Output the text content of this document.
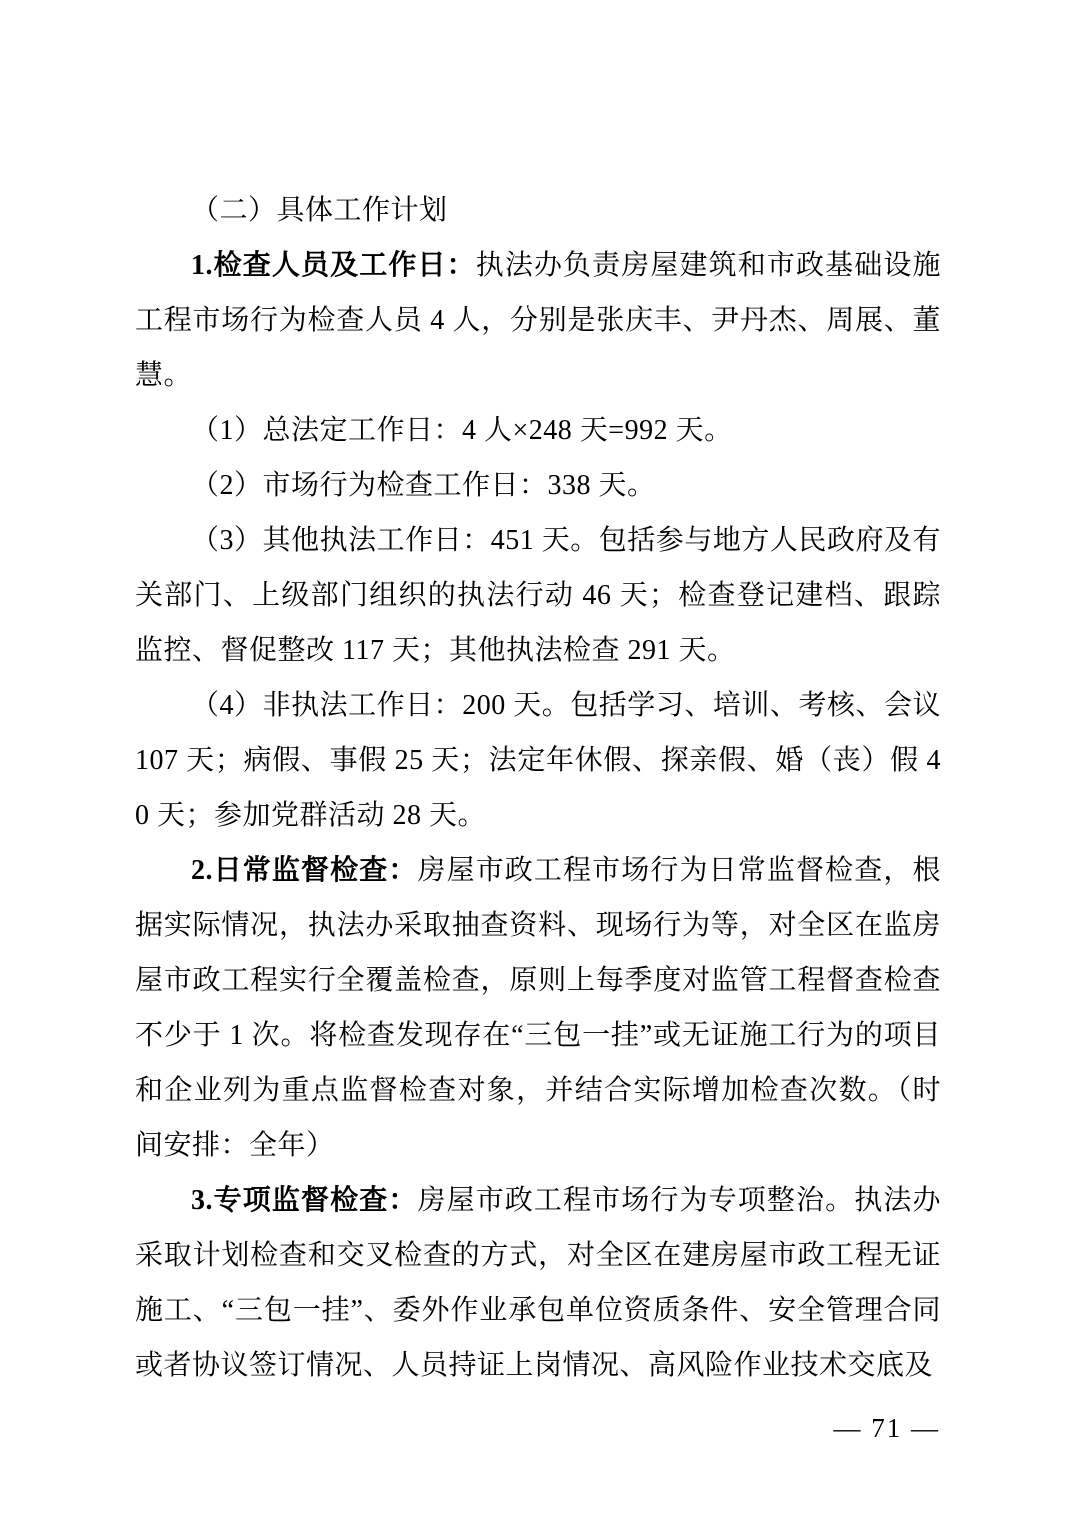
（二）具体工作计划

1.检查人员及工作日：执法办负责房屋建筑和市政基础设施工程市场行为检查人员 4 人，分别是张庆丰、尹丹杰、周展、董慧。

（1）总法定工作日：4 人×248 天=992 天。

（2）市场行为检查工作日：338 天。

（3）其他执法工作日：451 天。包括参与地方人民政府及有关部门、上级部门组织的执法行动 46 天；检查登记建档、跟踪监控、督促整改 117 天；其他执法检查 291 天。

（4）非执法工作日：200 天。包括学习、培训、考核、会议 107 天；病假、事假 25 天；法定年休假、探亲假、婚（丧）假 40 天；参加党群活动 28 天。

2.日常监督检查：房屋市政工程市场行为日常监督检查，根据实际情况，执法办采取抽查资料、现场行为等，对全区在监房屋市政工程实行全覆盖检查，原则上每季度对监管工程督查检查不少于 1 次。将检查发现存在“三包一挂”或无证施工行为的项目和企业列为重点监督检查对象，并结合实际增加检查次数。（时间安排：全年）

3.专项监督检查：房屋市政工程市场行为专项整治。执法办采取计划检查和交叉检查的方式，对全区在建房屋市政工程无证施工、“三包一挂”、委外作业承包单位资质条件、安全管理合同或者协议签订情况、人员持证上岗情况、高风险作业技术交底及

— 71 —
